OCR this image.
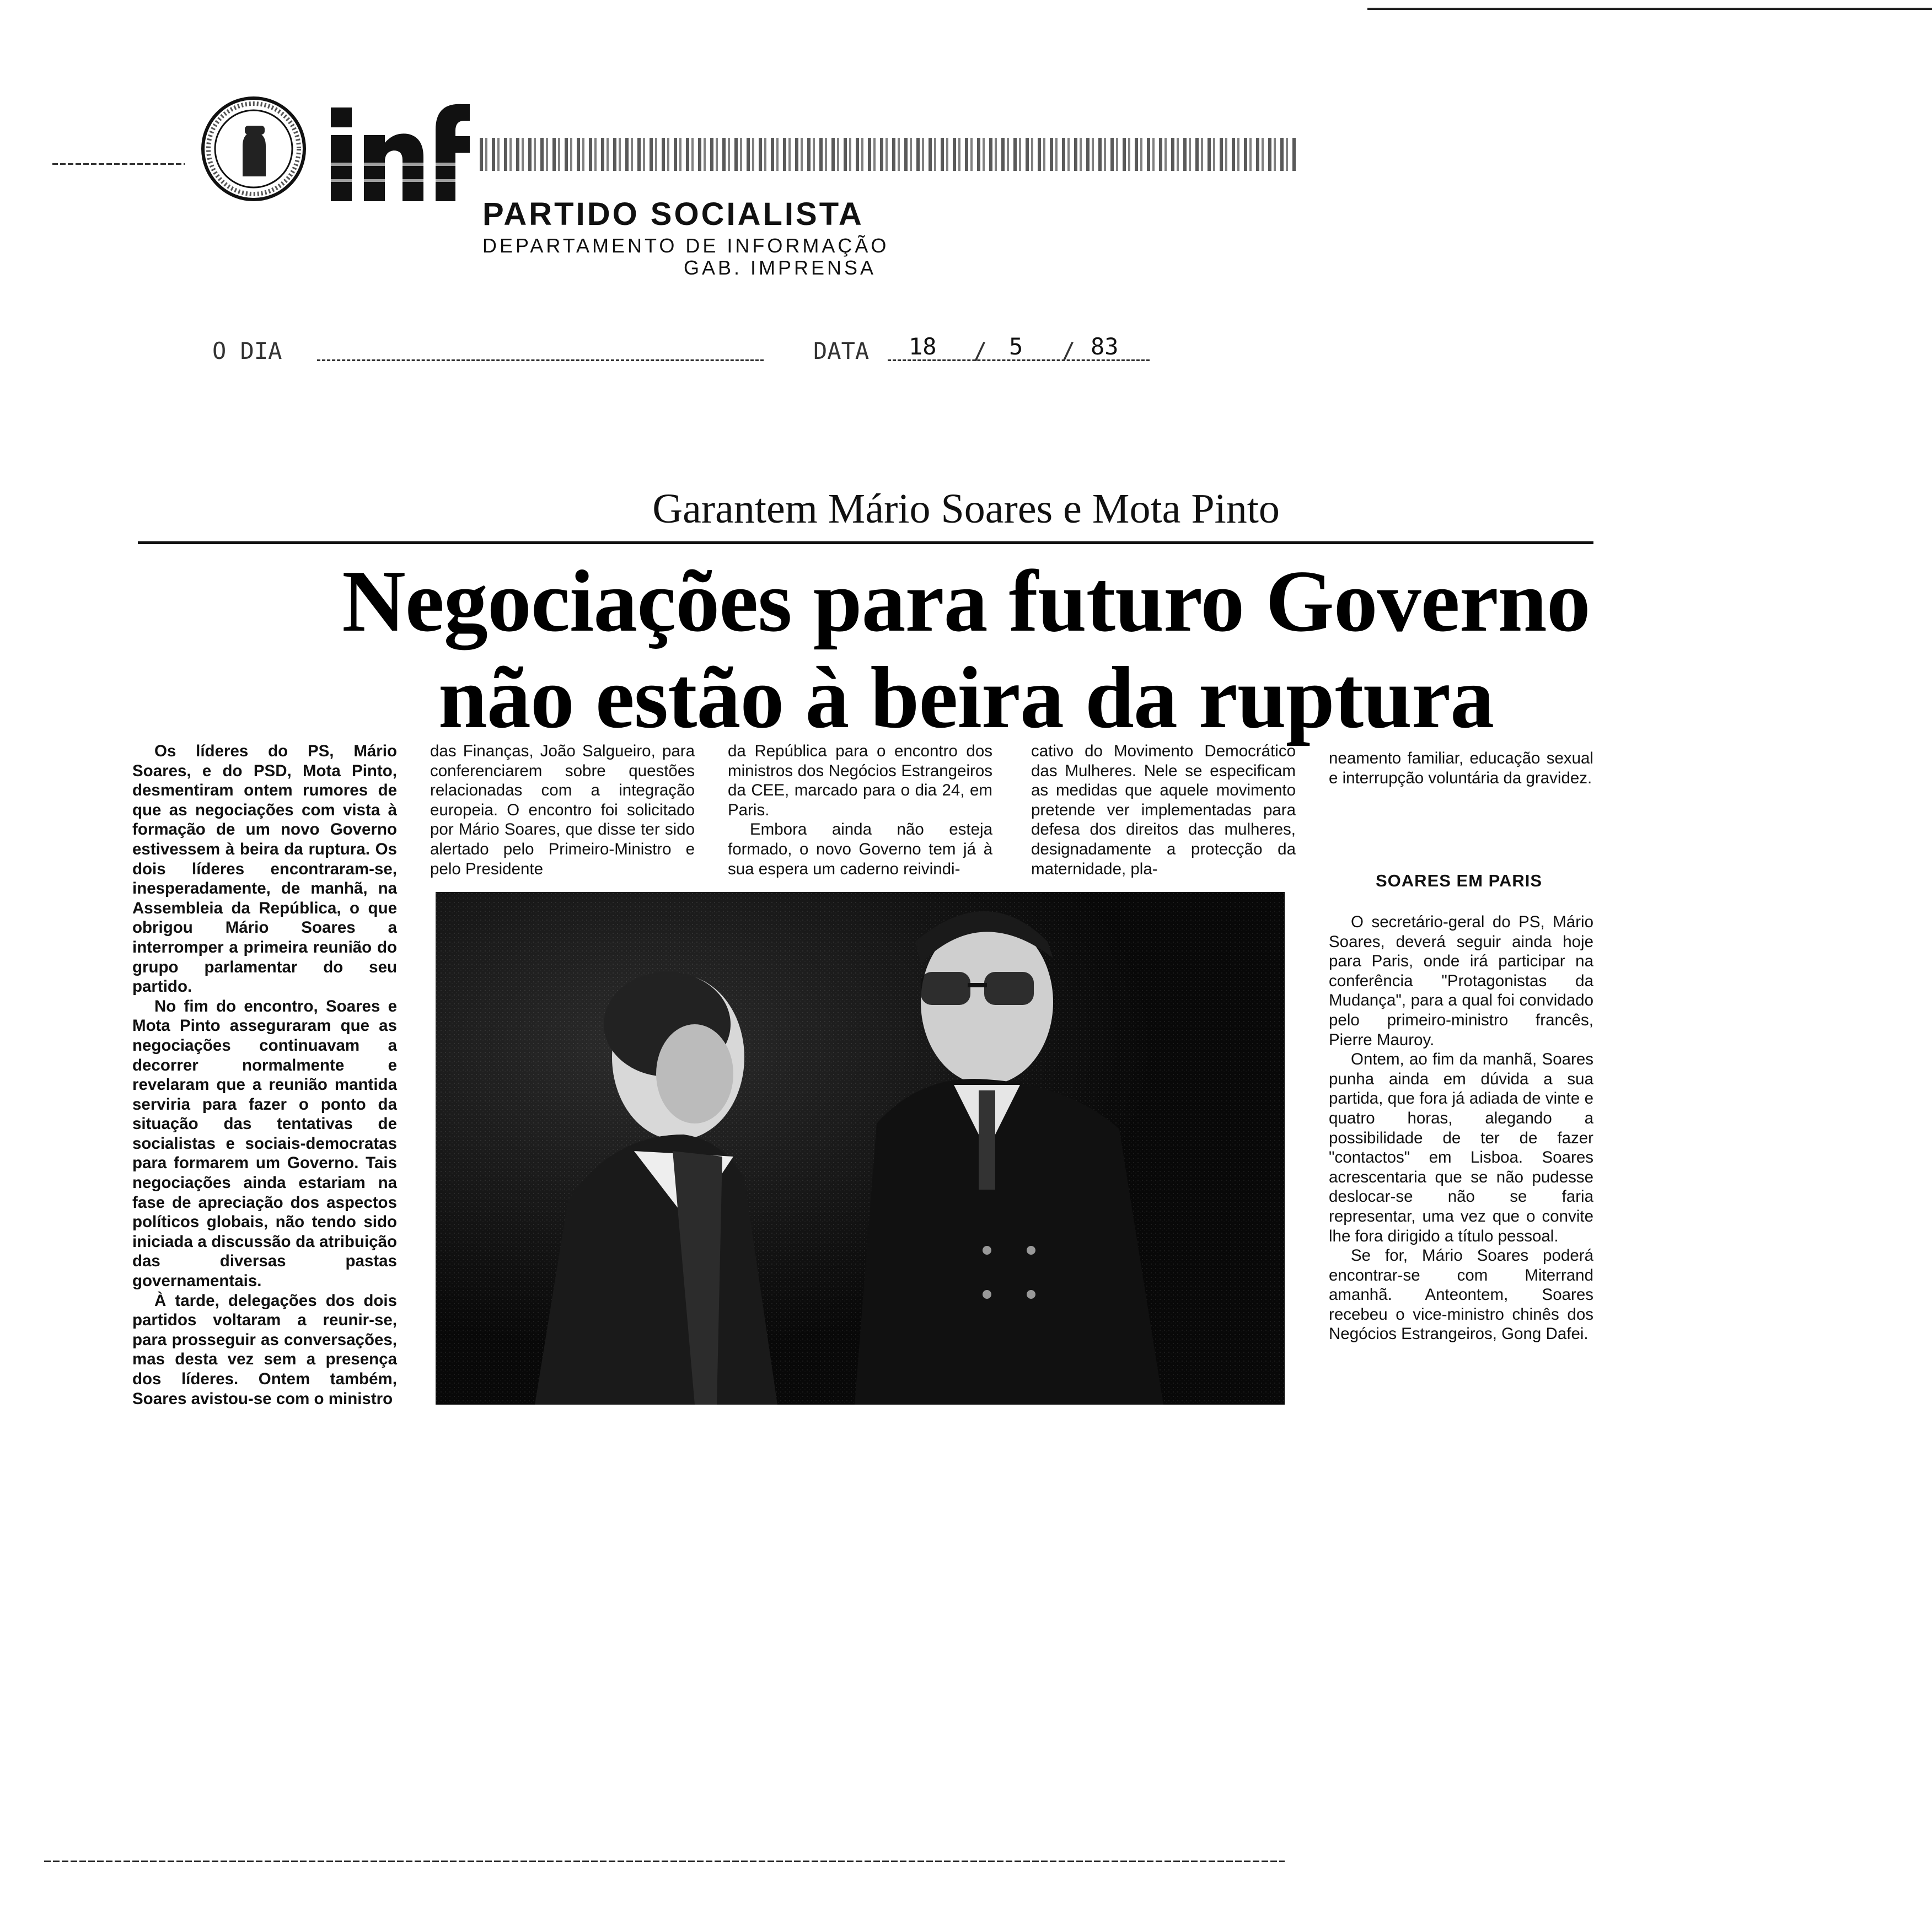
PARTIDO SOCIALISTA
DEPARTAMENTO DE INFORMAÇÃO
GAB. IMPRENSA
O DIA	DATA 18 / 5 / 83
Garantem Mário Soares e Mota Pinto
Negociações para futuro Governo
não estão à beira da ruptura

Os líderes do PS, Mário Soares, e do PSD, Mota Pinto, desmentiram ontem rumores de que as negociações com vista à formação de um novo Governo estivessem à beira da ruptura. Os dois líderes encontraram-se, inesperadamente, de manhã, na Assembleia da República, o que obrigou Mário Soares a interromper a primeira reunião do grupo parlamentar do seu partido.

No fim do encontro, Soares e Mota Pinto asseguraram que as negociações continuavam a decorrer normalmente e revelaram que a reunião mantida serviria para fazer o ponto da situação das tentativas de socialistas e sociais-democratas para formarem um Governo. Tais negociações ainda estariam na fase de apreciação dos aspectos políticos globais, não tendo sido iniciada a discussão da atribuição das diversas pastas governamentais.

À tarde, delegações dos dois partidos voltaram a reunir-se, para prosseguir as conversações, mas desta vez sem a presença dos líderes. Ontem também, Soares avistou-se com o ministro

das Finanças, João Salgueiro, para conferenciarem sobre questões relacionadas com a integração europeia. O encontro foi solicitado por Mário Soares, que disse ter sido alertado pelo Primeiro-Ministro e pelo Presidente

da República para o encontro dos ministros dos Negócios Estrangeiros da CEE, marcado para o dia 24, em Paris.

Embora ainda não esteja formado, o novo Governo tem já à sua espera um caderno reivindi-

cativo do Movimento Democrático das Mulheres. Nele se especificam as medidas que aquele movimento pretende ver implementadas para defesa dos direitos das mulheres, designadamente a protecção da maternidade, pla-

neamento familiar, educação sexual e interrupção voluntária da gravidez.

SOARES EM PARIS

O secretário-geral do PS, Mário Soares, deverá seguir ainda hoje para Paris, onde irá participar na conferência "Protagonistas da Mudança", para a qual foi convidado pelo primeiro-ministro francês, Pierre Mauroy.

Ontem, ao fim da manhã, Soares punha ainda em dúvida a sua partida, que fora já adiada de vinte e quatro horas, alegando a possibilidade de ter de fazer "contactos" em Lisboa. Soares acrescentaria que se não pudesse deslocar-se não se faria representar, uma vez que o convite lhe fora dirigido a título pessoal.

Se for, Mário Soares poderá encontrar-se com Miterrand amanhã. Anteontem, Soares recebeu o vice-ministro chinês dos Negócios Estrangeiros, Gong Dafei.
